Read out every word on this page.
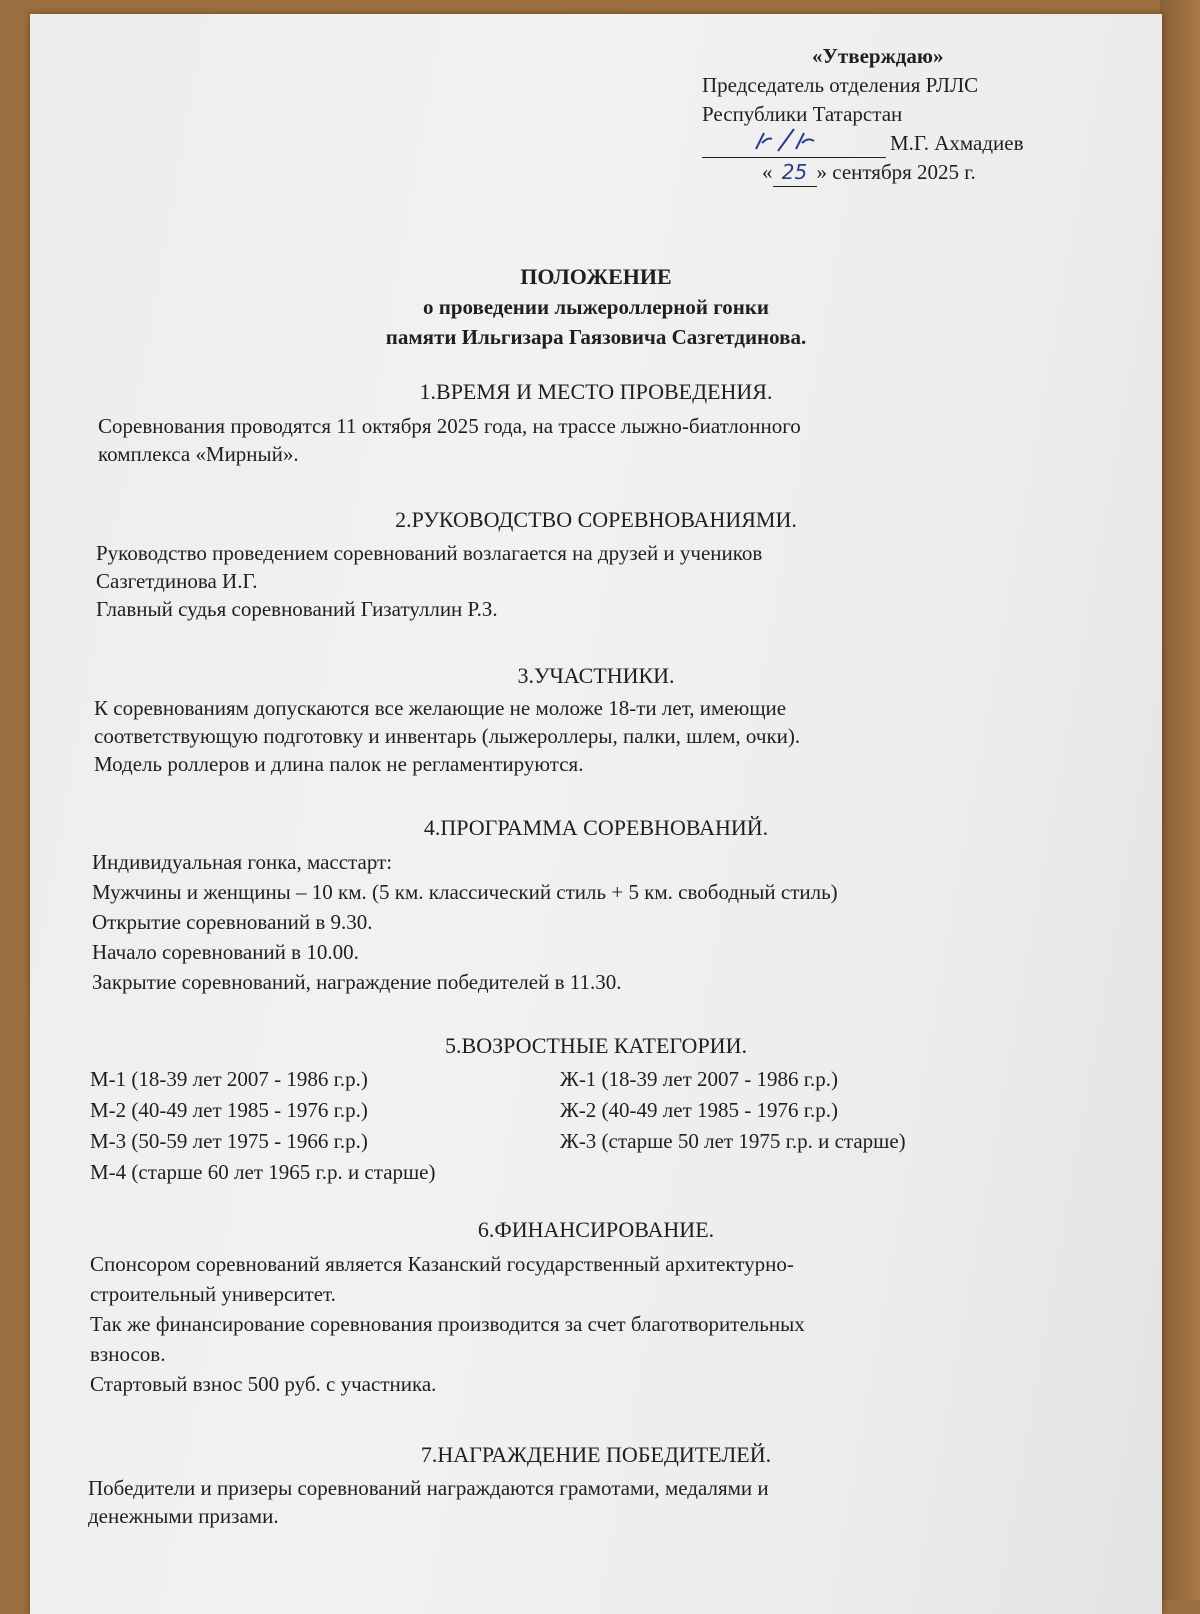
«Утверждаю»
Председатель отделения РЛЛС
Республики Татарстан
М.Г. Ахмадиев
« 25 » сентября 2025 г.
ПОЛОЖЕНИЕ
о проведении лыжероллерной гонки
памяти Ильгизара Гаязовича Сазгетдинова.
1.ВРЕМЯ И МЕСТО ПРОВЕДЕНИЯ.
Соревнования проводятся 11 октября 2025 года, на трассе лыжно-биатлонного
комплекса «Мирный».
2.РУКОВОДСТВО СОРЕВНОВАНИЯМИ.
Руководство проведением соревнований возлагается на друзей и учеников
Сазгетдинова И.Г.
Главный судья соревнований Гизатуллин Р.З.
3.УЧАСТНИКИ.
К соревнованиям допускаются все желающие не моложе 18-ти лет, имеющие
соответствующую подготовку и инвентарь (лыжероллеры, палки, шлем, очки).
Модель роллеров и длина палок не регламентируются.
4.ПРОГРАММА СОРЕВНОВАНИЙ.
Индивидуальная гонка, масстарт:
Мужчины и женщины – 10 км. (5 км. классический стиль + 5 км. свободный стиль)
Открытие соревнований в 9.30.
Начало соревнований в 10.00.
Закрытие соревнований, награждение победителей в 11.30.
5.ВОЗРОСТНЫЕ КАТЕГОРИИ.
М-1 (18-39 лет 2007 - 1986 г.р.)
М-2 (40-49 лет 1985 - 1976 г.р.)
М-3 (50-59 лет 1975 - 1966 г.р.)
М-4 (старше 60 лет 1965 г.р. и старше)
Ж-1 (18-39 лет 2007 - 1986 г.р.)
Ж-2 (40-49 лет 1985 - 1976 г.р.)
Ж-3 (старше 50 лет 1975 г.р. и старше)
6.ФИНАНСИРОВАНИЕ.
Спонсором соревнований является Казанский государственный архитектурно-
строительный университет.
Так же финансирование соревнования производится за счет благотворительных
взносов.
Стартовый взнос 500 руб. с участника.
7.НАГРАЖДЕНИЕ ПОБЕДИТЕЛЕЙ.
Победители и призеры соревнований награждаются грамотами, медалями и
денежными призами.
